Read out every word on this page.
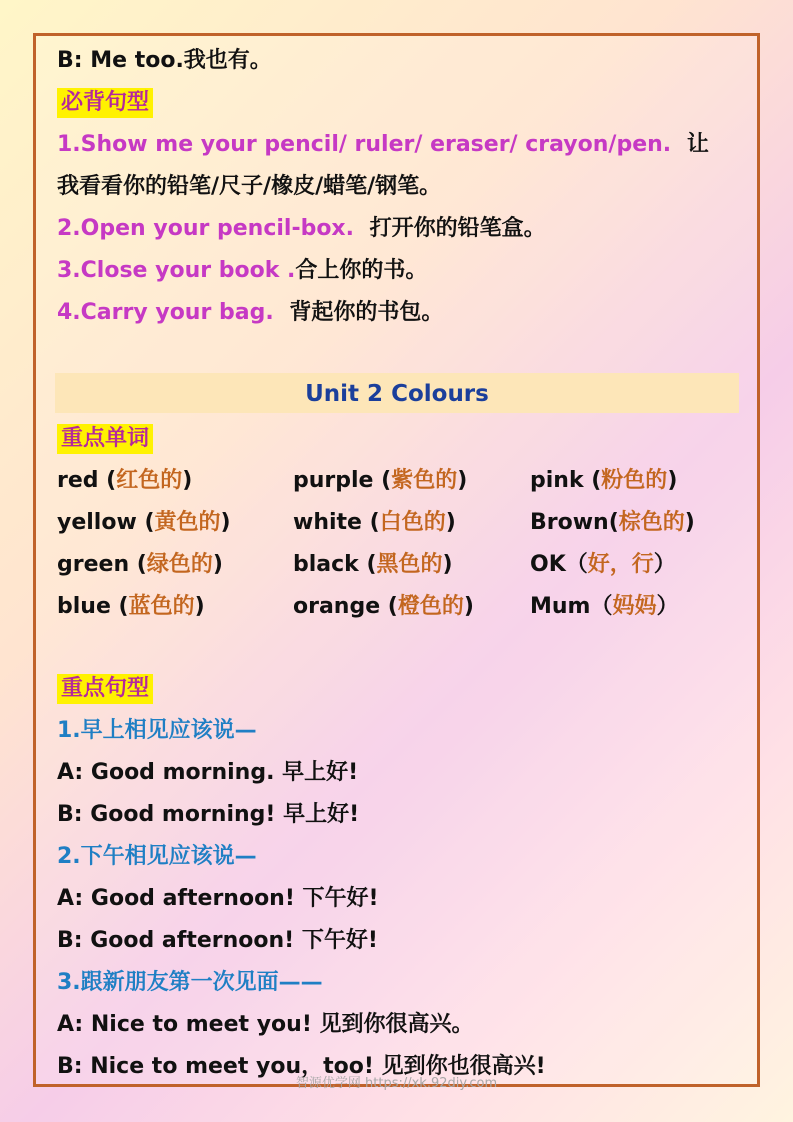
B: Me too.我也有。
必背句型
1.Show me your pencil/ ruler/ eraser/ crayon/pen. 让
我看看你的铅笔/尺子/橡皮/蜡笔/钢笔。
2.Open your pencil-box. 打开你的铅笔盒。
3.Close your book .合上你的书。
4.Carry your bag. 背起你的书包。
Unit 2 Colours
重点单词
red (红色的)	purple (紫色的)	pink (粉色的)
yellow (黄色的)	white (白色的)	Brown(棕色的)
green (绿色的)	black (黑色的)	OK（好，行）
blue (蓝色的)	orange (橙色的)	Mum（妈妈）
重点句型
1.早上相见应该说—
A: Good morning. 早上好!
B: Good morning! 早上好!
2.下午相见应该说—
A: Good afternoon! 下午好!
B: Good afternoon! 下午好!
3.跟新朋友第一次见面——
A: Nice to meet you! 见到你很高兴。
B: Nice to meet you，too! 见到你也很高兴!
智源优学网 https://xk.92diy.com
